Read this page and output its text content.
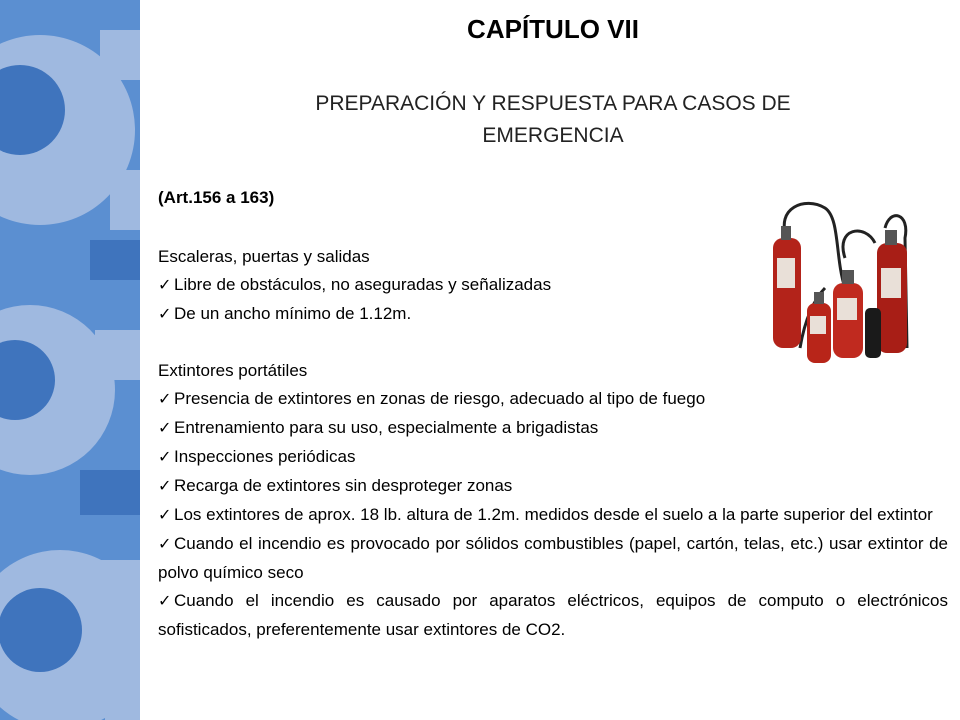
CAPÍTULO VII
PREPARACIÓN Y RESPUESTA PARA CASOS DE
EMERGENCIA
(Art.156 a 163)
Escaleras, puertas y salidas
✓ Libre de obstáculos, no aseguradas y señalizadas
✓ De un ancho mínimo de 1.12m.
Extintores portátiles
✓ Presencia de extintores en zonas de riesgo, adecuado al tipo de fuego
✓ Entrenamiento para su uso, especialmente a brigadistas
✓ Inspecciones periódicas
✓ Recarga de extintores sin desproteger zonas
✓ Los extintores de aprox. 18 lb. altura de 1.2m. medidos desde el suelo a la parte superior del extintor
✓ Cuando el incendio es provocado por sólidos combustibles (papel, cartón, telas, etc.) usar extintor de polvo químico seco
✓ Cuando el incendio es causado por aparatos eléctricos, equipos de computo o electrónicos sofisticados, preferentemente usar extintores de CO2.
